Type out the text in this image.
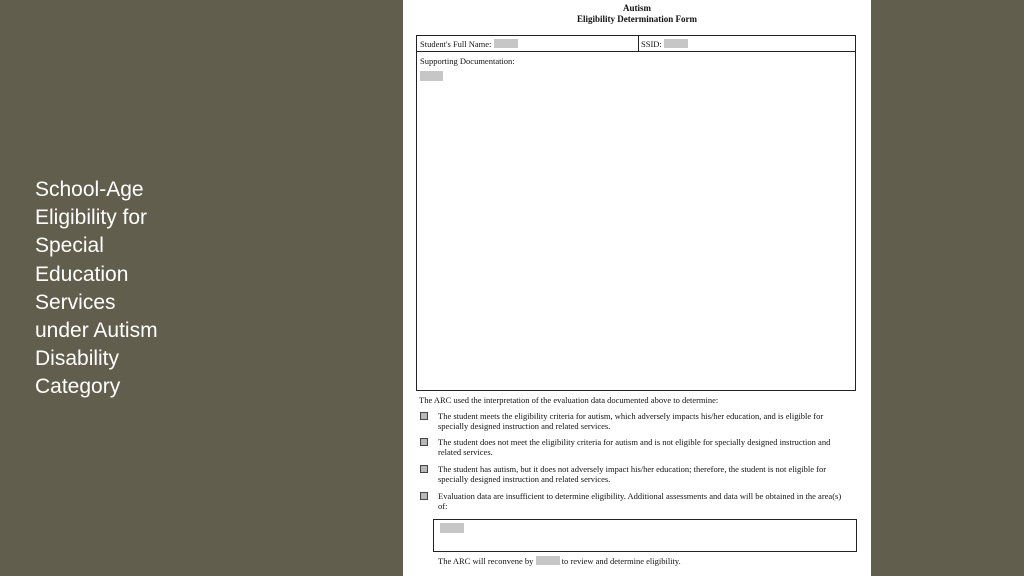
School-Age
Eligibility for
Special
Education
Services
under Autism
Disability
Category
Autism
Eligibility Determination Form
Student's Full Name:	SSID:
Supporting Documentation:
The ARC used the interpretation of the evaluation data documented above to determine:
The student meets the eligibility criteria for autism, which adversely impacts his/her education, and is eligible for specially designed instruction and related services.
The student does not meet the eligibility criteria for autism and is not eligible for specially designed instruction and related services.
The student has autism, but it does not adversely impact his/her education; therefore, the student is not eligible for specially designed instruction and related services.
Evaluation data are insufficient to determine eligibility. Additional assessments and data will be obtained in the area(s) of:
The ARC will reconvene by	to review and determine eligibility.
